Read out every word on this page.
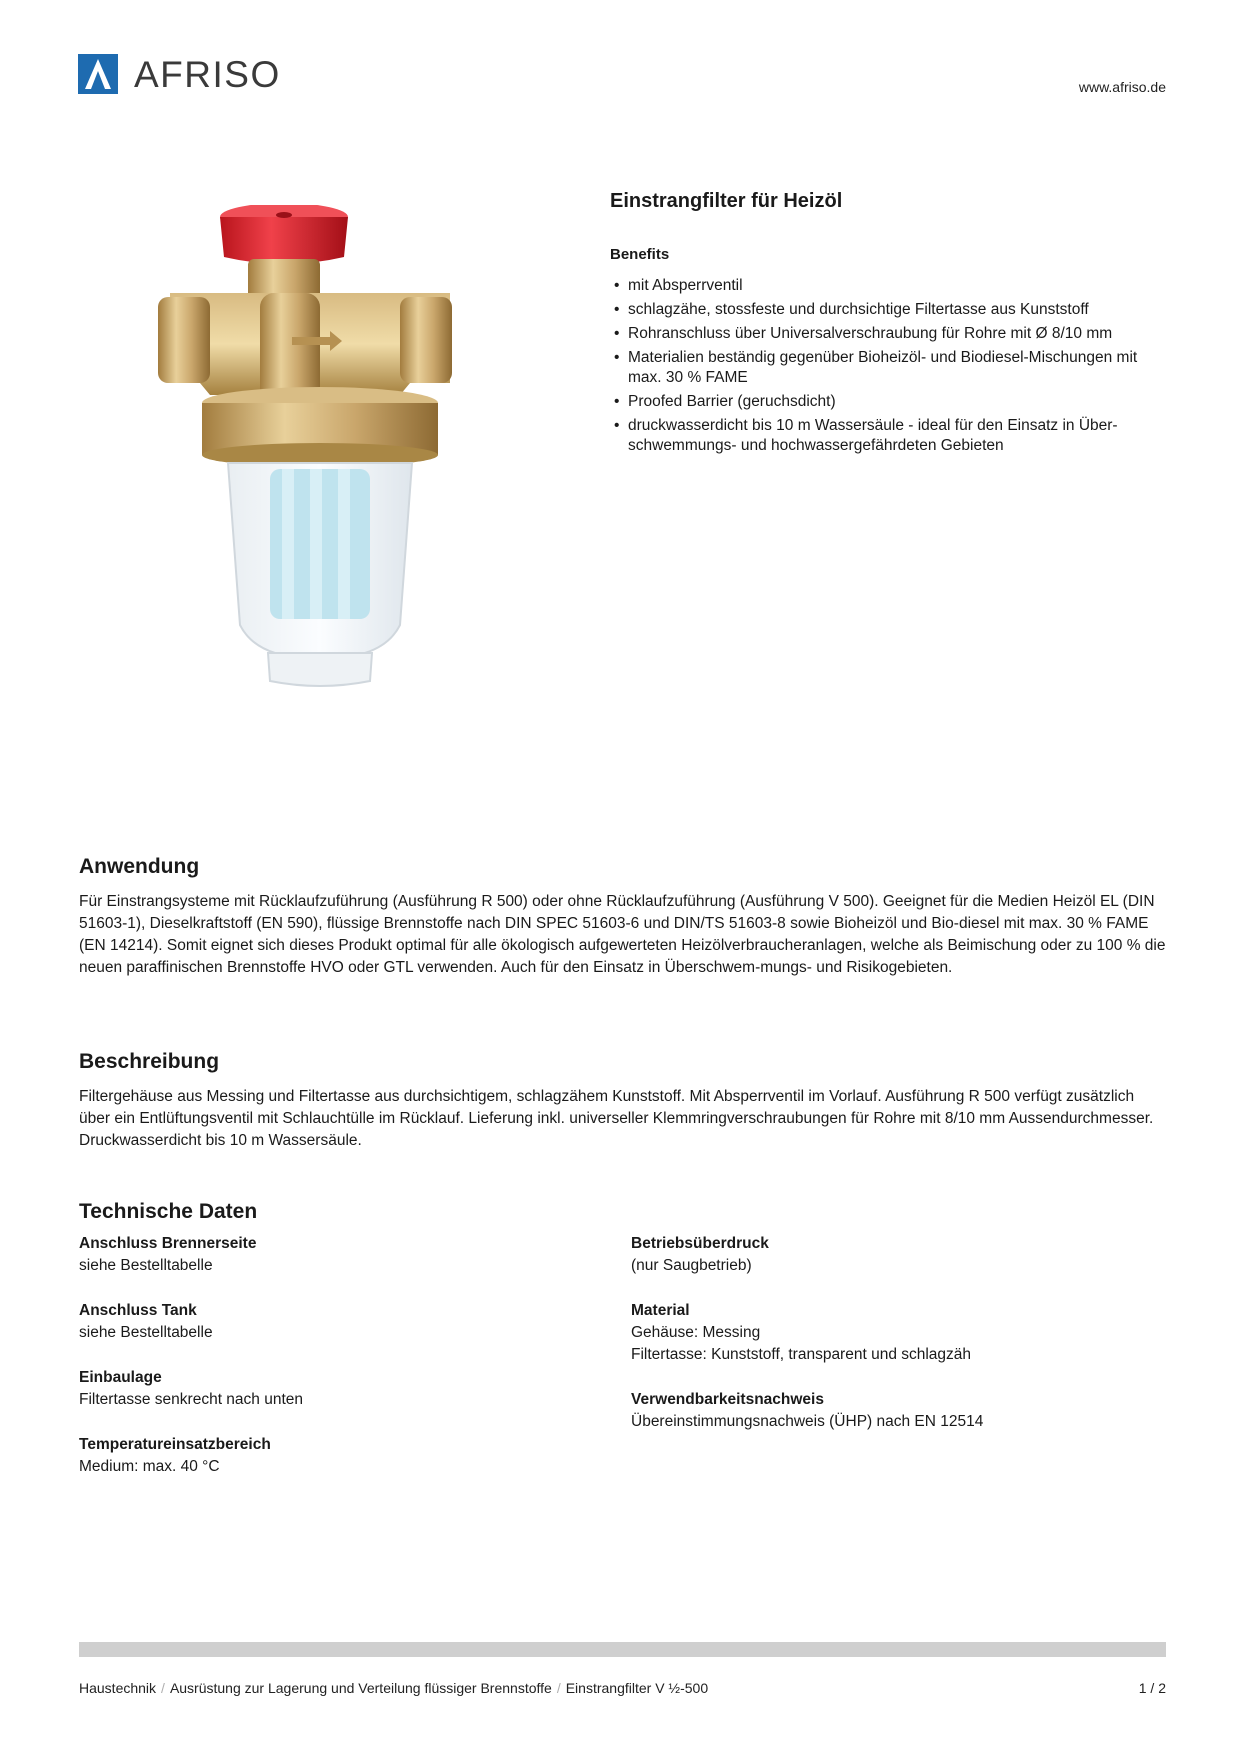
AFRISO	www.afriso.de
Einstrangfilter für Heizöl
Benefits
• mit Absperrventil
• schlagzähe, stossfeste und durchsichtige Filtertasse aus Kunststoff
• Rohranschluss über Universalverschraubung für Rohre mit Ø 8/10 mm
• Materialien beständig gegenüber Bioheizöl- und Biodiesel-Mischungen mit max. 30 % FAME
• Proofed Barrier (geruchsdicht)
• druckwasserdicht bis 10 m Wassersäule - ideal für den Einsatz in Über-schwemmungs- und hochwassergefährdeten Gebieten
Anwendung
Für Einstrangsysteme mit Rücklaufzuführung (Ausführung R 500) oder ohne Rücklaufzuführung (Ausführung V 500). Geeignet für die Medien Heizöl EL (DIN 51603-1), Dieselkraftstoff (EN 590), flüssige Brennstoffe nach DIN SPEC 51603-6 und DIN/TS 51603-8 sowie Bioheizöl und Bio-diesel mit max. 30 % FAME (EN 14214). Somit eignet sich dieses Produkt optimal für alle ökologisch aufgewerteten Heizölverbraucheranlagen, welche als Beimischung oder zu 100 % die neuen paraffinischen Brennstoffe HVO oder GTL verwenden. Auch für den Einsatz in Überschwem-mungs- und Risikogebieten.
Beschreibung
Filtergehäuse aus Messing und Filtertasse aus durchsichtigem, schlagzähem Kunststoff. Mit Absperrventil im Vorlauf. Ausführung R 500 verfügt zusätzlich über ein Entlüftungsventil mit Schlauchtülle im Rücklauf. Lieferung inkl. universeller Klemmringverschraubungen für Rohre mit 8/10 mm Aussendurchmesser. Druckwasserdicht bis 10 m Wassersäule.
Technische Daten
Anschluss Brennerseite
siehe Bestelltabelle
Anschluss Tank
siehe Bestelltabelle
Einbaulage
Filtertasse senkrecht nach unten
Temperatureinsatzbereich
Medium: max. 40 °C
Betriebsüberdruck
(nur Saugbetrieb)
Material
Gehäuse: Messing
Filtertasse: Kunststoff, transparent und schlagzäh
Verwendbarkeitsnachweis
Übereinstimmungsnachweis (ÜHP) nach EN 12514
Haustechnik / Ausrüstung zur Lagerung und Verteilung flüssiger Brennstoffe / Einstrangfilter V ½-500	1 / 2
